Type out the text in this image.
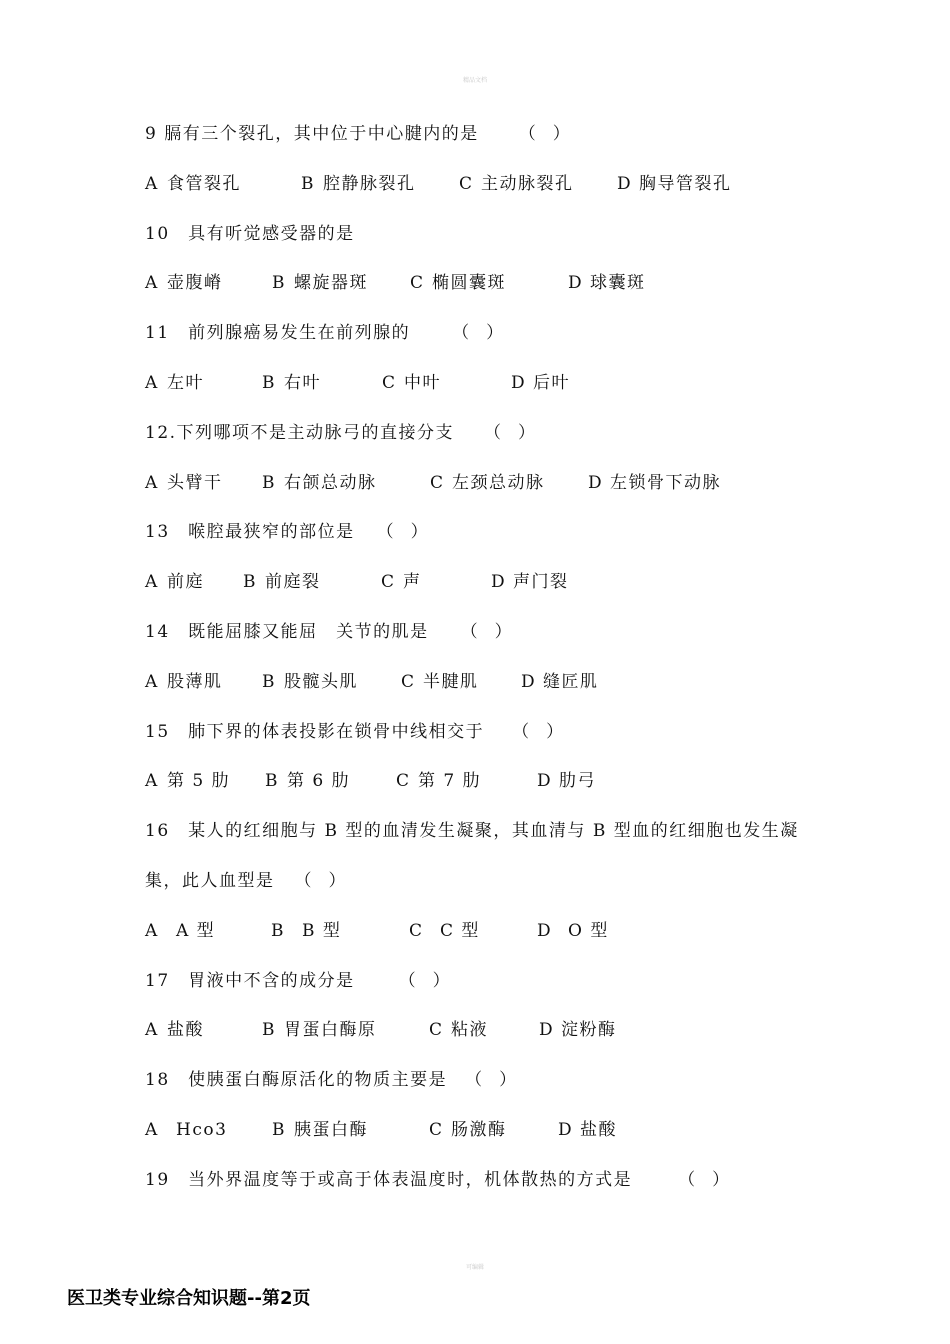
精品文档
9 膈有三个裂孔，其中位于中心腱内的是 （　）
A 食管裂孔	B 腔静脉裂孔	C 主动脉裂孔	D 胸导管裂孔
10　具有听觉感受器的是
A 壶腹嵴	B 螺旋器斑	C 椭圆囊斑	D 球囊斑
11　前列腺癌易发生在前列腺的 （　）
A 左叶	B 右叶	C 中叶	D 后叶
12.下列哪项不是主动脉弓的直接分支 （　）
A 头臂干	B 右颌总动脉	C 左颈总动脉	D 左锁骨下动脉
13　喉腔最狭窄的部位是 （　）
A 前庭	B 前庭裂	C 声	D 声门裂
14　既能屈膝又能屈　关节的肌是 （　）
A 股薄肌	B 股髋头肌	C 半腱肌	D 缝匠肌
15　肺下界的体表投影在锁骨中线相交于 （　）
A 第 5 肋	B 第 6 肋	C 第 7 肋	D 肋弓
16　某人的红细胞与 B 型的血清发生凝聚，其血清与 B 型血的红细胞也发生凝
集，此人血型是 （　）
A A 型	B B 型	C C 型	D O 型
17　胃液中不含的成分是	（　）
A 盐酸	B 胃蛋白酶原	C 粘液	D 淀粉酶
18　使胰蛋白酶原活化的物质主要是 （　）
A Hco3	B 胰蛋白酶	C 肠激酶	D 盐酸
19　当外界温度等于或高于体表温度时，机体散热的方式是	（　）
可编辑
医卫类专业综合知识题--第2页
